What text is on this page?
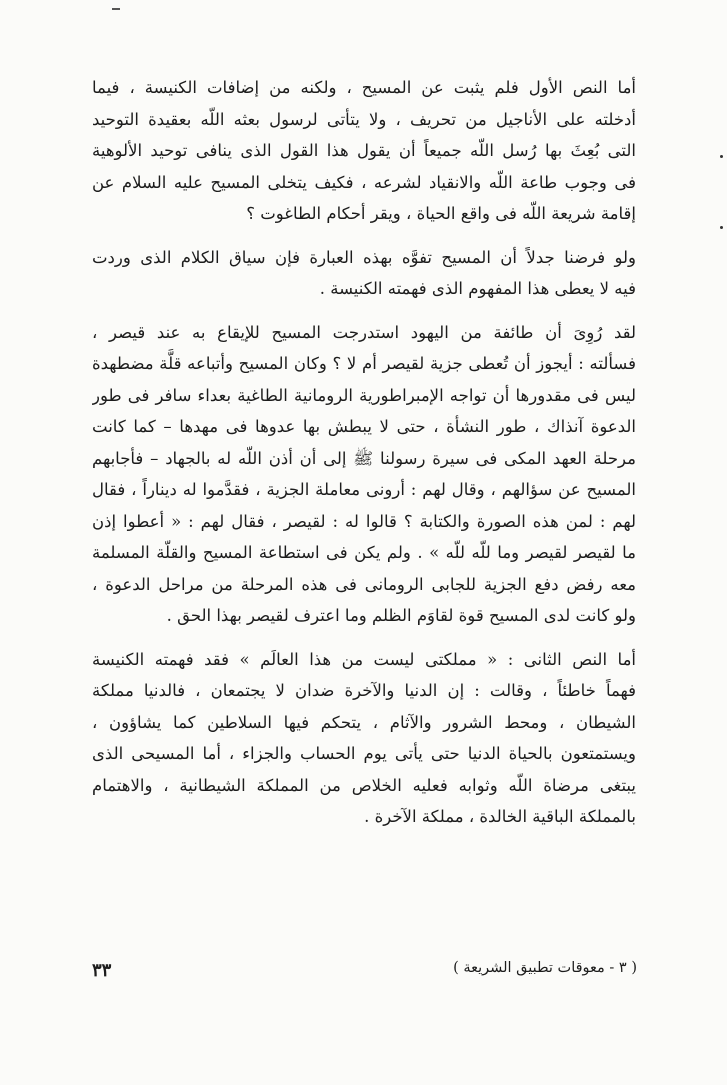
أما النص الأول فلم يثبت عن المسيح ، ولكنه من إضافات الكنيسة ، فيما
أدخلته على الأناجيل من تحريف ، ولا يتأتى لرسول بعثه اللّه بعقيدة التوحيد
التى بُعِثَ بها رُسل اللّه جميعاً أن يقول هذا القول الذى ينافى توحيد الألوهية
فى وجوب طاعة اللّه والانقياد لشرعه ، فكيف يتخلى المسيح عليه السلام عن
إقامة شريعة اللّه فى واقع الحياة ، ويقر أحكام الطاغوت ؟

ولو فرضنا جدلاً أن المسيح تفوَّه بهذه العبارة فإن سياق الكلام الذى وردت
فيه لا يعطى هذا المفهوم الذى فهمته الكنيسة .

لقد رُوِىَ أن طائفة من اليهود استدرجت المسيح للإيقاع به عند قيصر ،
فسألته : أيجوز أن تُعطى جزية لقيصر أم لا ؟ وكان المسيح وأتباعه قلَّة مضطهدة
ليس فى مقدورها أن تواجه الإمبراطورية الرومانية الطاغية بعداء سافر فى طور
الدعوة آنذاك ، طور النشأة ، حتى لا يبطش بها عدوها فى مهدها – كما كانت
مرحلة العهد المكى فى سيرة رسولنا ﷺ إلى أن أذن اللّه له بالجهاد – فأجابهم
المسيح عن سؤالهم ، وقال لهم : أرونى معاملة الجزية ، فقدَّموا له ديناراً ، فقال
لهم : لمن هذه الصورة والكتابة ؟ قالوا له : لقيصر ، فقال لهم : « أعطوا إذن
ما لقيصر لقيصر وما للّه للّه » . ولم يكن فى استطاعة المسيح والقلّة المسلمة
معه رفض دفع الجزية للجابى الرومانى فى هذه المرحلة من مراحل الدعوة ،
ولو كانت لدى المسيح قوة لقاوَم الظلم وما اعترف لقيصر بهذا الحق .

أما النص الثانى : « مملكتى ليست من هذا العالَم » فقد فهمته الكنيسة
فهماً خاطئاً ، وقالت : إن الدنيا والآخرة ضدان لا يجتمعان ، فالدنيا مملكة
الشيطان ، ومحط الشرور والآثام ، يتحكم فيها السلاطين كما يشاؤون ،
ويستمتعون بالحياة الدنيا حتى يأتى يوم الحساب والجزاء ، أما المسيحى الذى
يبتغى مرضاة اللّه وثوابه فعليه الخلاص من المملكة الشيطانية ، والاهتمام
بالمملكة الباقية الخالدة ، مملكة الآخرة .

( ٣ - معوقات تطبيق الشريعة )
٣٣
